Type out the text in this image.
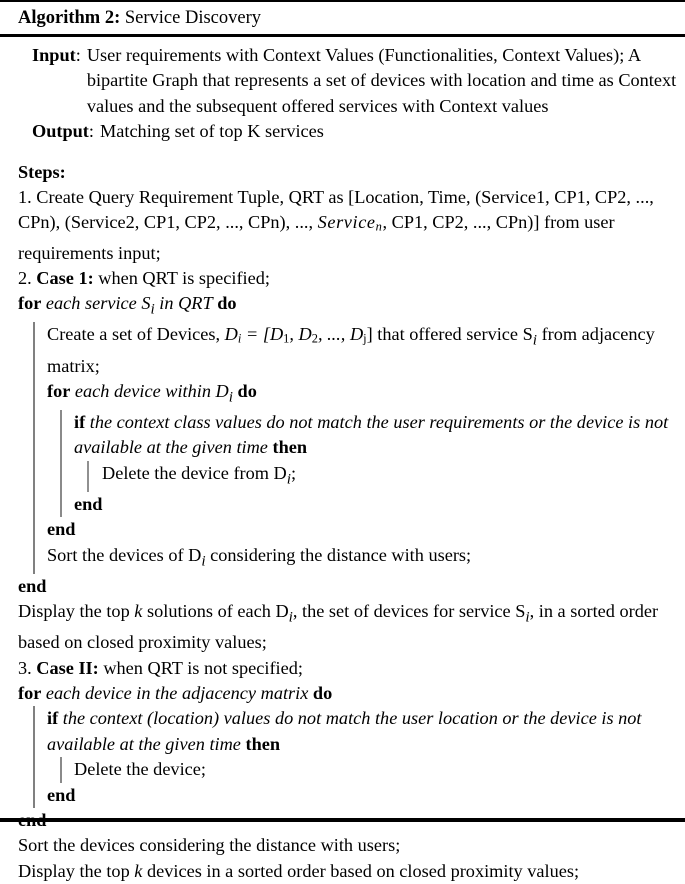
Algorithm 2: Service Discovery
Input: User requirements with Context Values (Functionalities, Context Values); A bipartite Graph that represents a set of devices with location and time as Context values and the subsequent offered services with Context values
Output: Matching set of top K services
Steps:
1. Create Query Requirement Tuple, QRT as [Location, Time, (Service1, CP1, CP2, ..., CPn), (Service2, CP1, CP2, ..., CPn), ..., Service$_n$, CP1, CP2, ..., CPn)] from user requirements input;
2. Case 1: when QRT is specified;
for each service $S_i$ in QRT do
Create a set of Devices, $D_i = [D_1$, $D_2$, ..., $D_j$] that offered service $S_i$ from adjacency matrix;
for each device within $D_i$ do
if the context class values do not match the user requirements or the device is not available at the given time then
Delete the device from $D_i$;
end
end
Sort the devices of $D_i$ considering the distance with users;
end
Display the top k solutions of each $D_i$, the set of devices for service $S_i$, in a sorted order based on closed proximity values;
3. Case II: when QRT is not specified;
for each device in the adjacency matrix do
if the context (location) values do not match the user location or the device is not available at the given time then
Delete the device;
end
Sort the devices considering the distance with users;
Display the top k devices in a sorted order based on closed proximity values;
